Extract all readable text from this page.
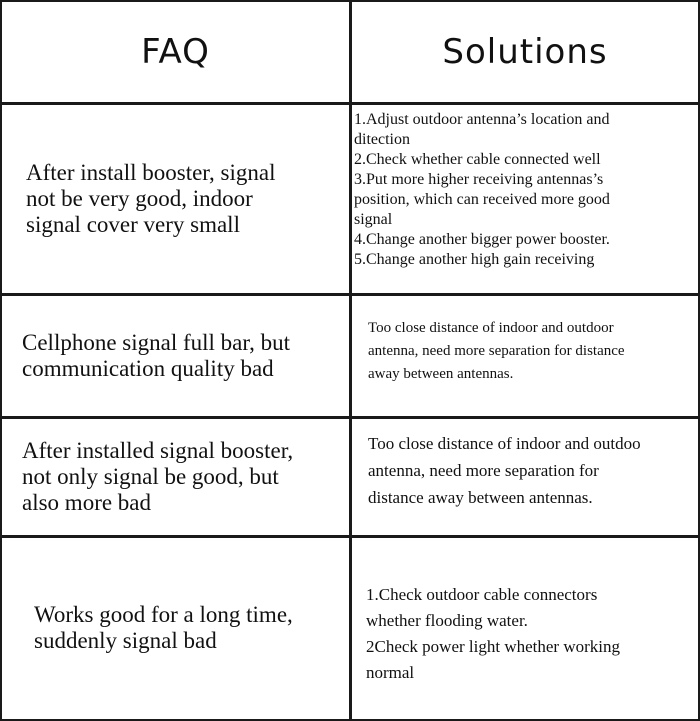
FAQ	Solutions
After install booster, signal
not be very good, indoor
signal cover very small
1.Adjust outdoor antenna’s location and
ditection
2.Check whether cable connected well
3.Put more higher receiving antennas’s
position, which can received more good
signal
4.Change another bigger power booster.
5.Change another high gain receiving
Cellphone signal full bar, but
communication quality bad
Too close distance of indoor and outdoor
antenna, need more separation for distance
away between antennas.
After installed signal booster,
not only signal be good, but
also more bad
Too close distance of indoor and outdoo
antenna, need more separation for
distance away between antennas.
Works good for a long time,
suddenly signal bad
1.Check outdoor cable connectors
whether flooding water.
2Check power light whether working
normal
